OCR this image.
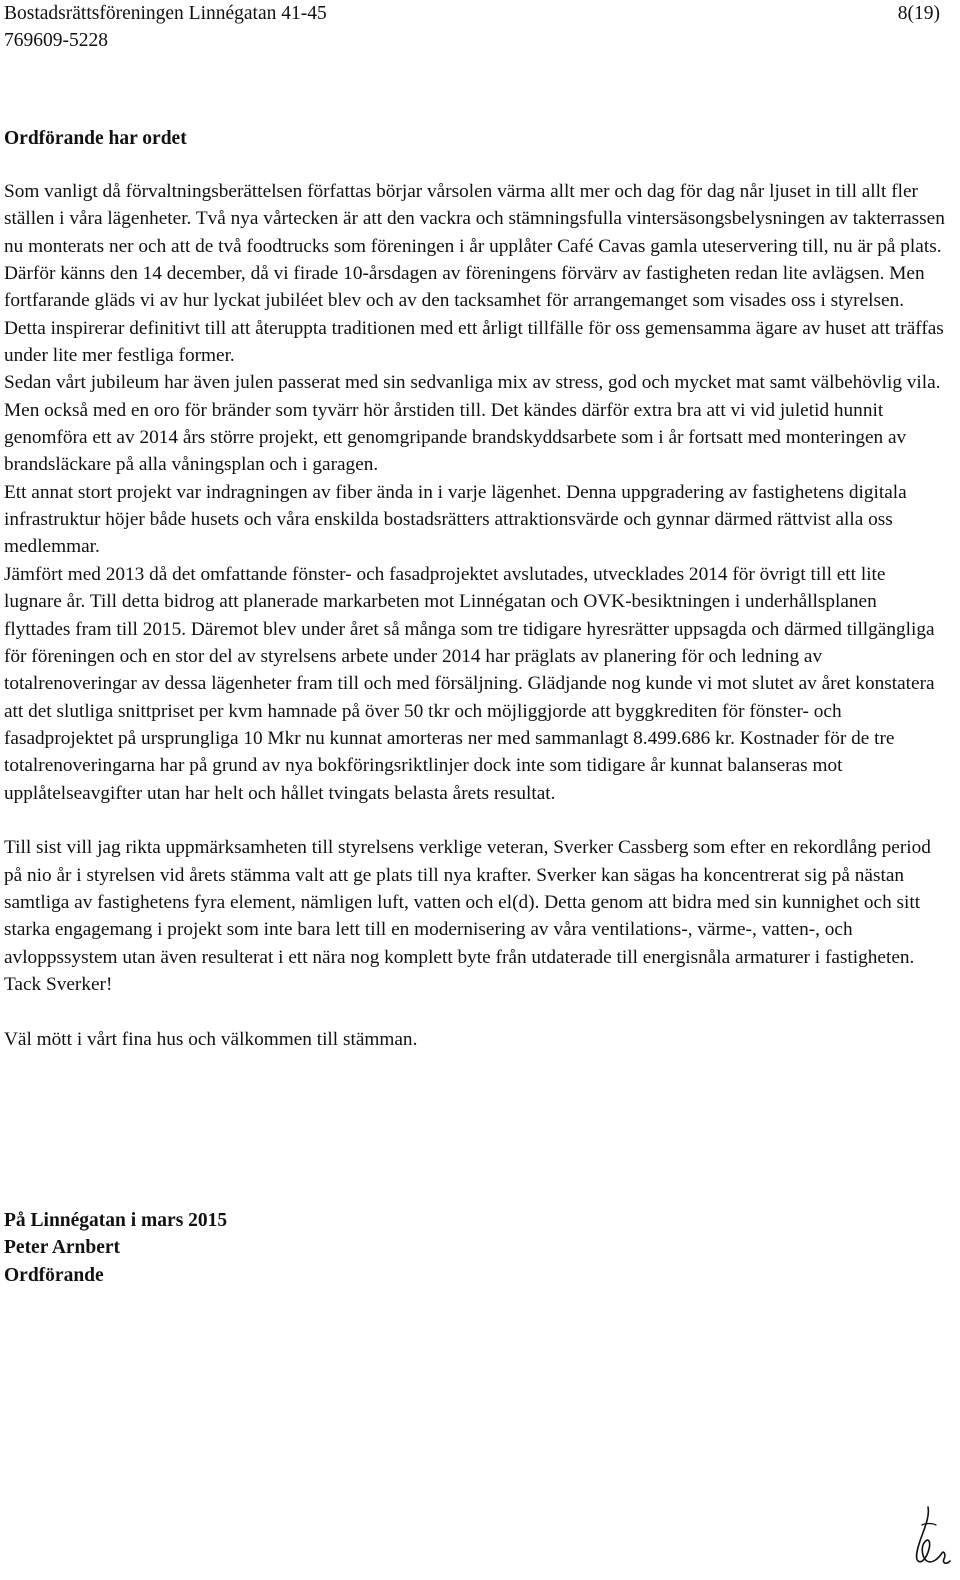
Bostadsrättsföreningen Linnégatan 41-45
769609-5228
8(19)
Ordförande har ordet

Som vanligt då förvaltningsberättelsen författas börjar vårsolen värma allt mer och dag för dag når ljuset in till allt fler ställen i våra lägenheter. Två nya vårtecken är att den vackra och stämningsfulla vintersäsongsbelysningen av takterrassen nu monterats ner och att de två foodtrucks som föreningen i år upplåter Café Cavas gamla uteservering till, nu är på plats.

Därför känns den 14 december, då vi firade 10-årsdagen av föreningens förvärv av fastigheten redan lite avlägsen. Men fortfarande gläds vi av hur lyckat jubiléet blev och av den tacksamhet för arrangemanget som visades oss i styrelsen. Detta inspirerar definitivt till att återuppta traditionen med ett årligt tillfälle för oss gemensamma ägare av huset att träffas under lite mer festliga former.

Sedan vårt jubileum har även julen passerat med sin sedvanliga mix av stress, god och mycket mat samt välbehövlig vila. Men också med en oro för bränder som tyvärr hör årstiden till. Det kändes därför extra bra att vi vid juletid hunnit genomföra ett av 2014 års större projekt, ett genomgripande brandskyddsarbete som i år fortsatt med monteringen av brandsläckare på alla våningsplan och i garagen.

Ett annat stort projekt var indragningen av fiber ända in i varje lägenhet. Denna uppgradering av fastighetens digitala infrastruktur höjer både husets och våra enskilda bostadsrätters attraktionsvärde och gynnar därmed rättvist alla oss medlemmar.

Jämfört med 2013 då det omfattande fönster- och fasadprojektet avslutades, utvecklades 2014 för övrigt till ett lite lugnare år. Till detta bidrog att planerade markarbeten mot Linnégatan och OVK-besiktningen i underhållsplanen flyttades fram till 2015. Däremot blev under året så många som tre tidigare hyresrätter uppsagda och därmed tillgängliga för föreningen och en stor del av styrelsens arbete under 2014 har präglats av planering för och ledning av totalrenoveringar av dessa lägenheter fram till och med försäljning. Glädjande nog kunde vi mot slutet av året konstatera att det slutliga snittpriset per kvm hamnade på över 50 tkr och möjliggjorde att byggkrediten för fönster- och fasadprojektet på ursprungliga 10 Mkr nu kunnat amorteras ner med sammanlagt 8.499.686 kr. Kostnader för de tre totalrenoveringarna har på grund av nya bokföringsriktlinjer dock inte som tidigare år kunnat balanseras mot upplåtelseavgifter utan har helt och hållet tvingats belasta årets resultat.

Till sist vill jag rikta uppmärksamheten till styrelsens verklige veteran, Sverker Cassberg som efter en rekordlång period på nio år i styrelsen vid årets stämma valt att ge plats till nya krafter. Sverker kan sägas ha koncentrerat sig på nästan samtliga av fastighetens fyra element, nämligen luft, vatten och el(d). Detta genom att bidra med sin kunnighet och sitt starka engagemang i projekt som inte bara lett till en modernisering av våra ventilations-, värme-, vatten-, och avloppssystem utan även resulterat i ett nära nog komplett byte från utdaterade till energisnåla armaturer i fastigheten. Tack Sverker!

Väl mött i vårt fina hus och välkommen till stämman.

På Linnégatan i mars 2015
Peter Arnbert
Ordförande
